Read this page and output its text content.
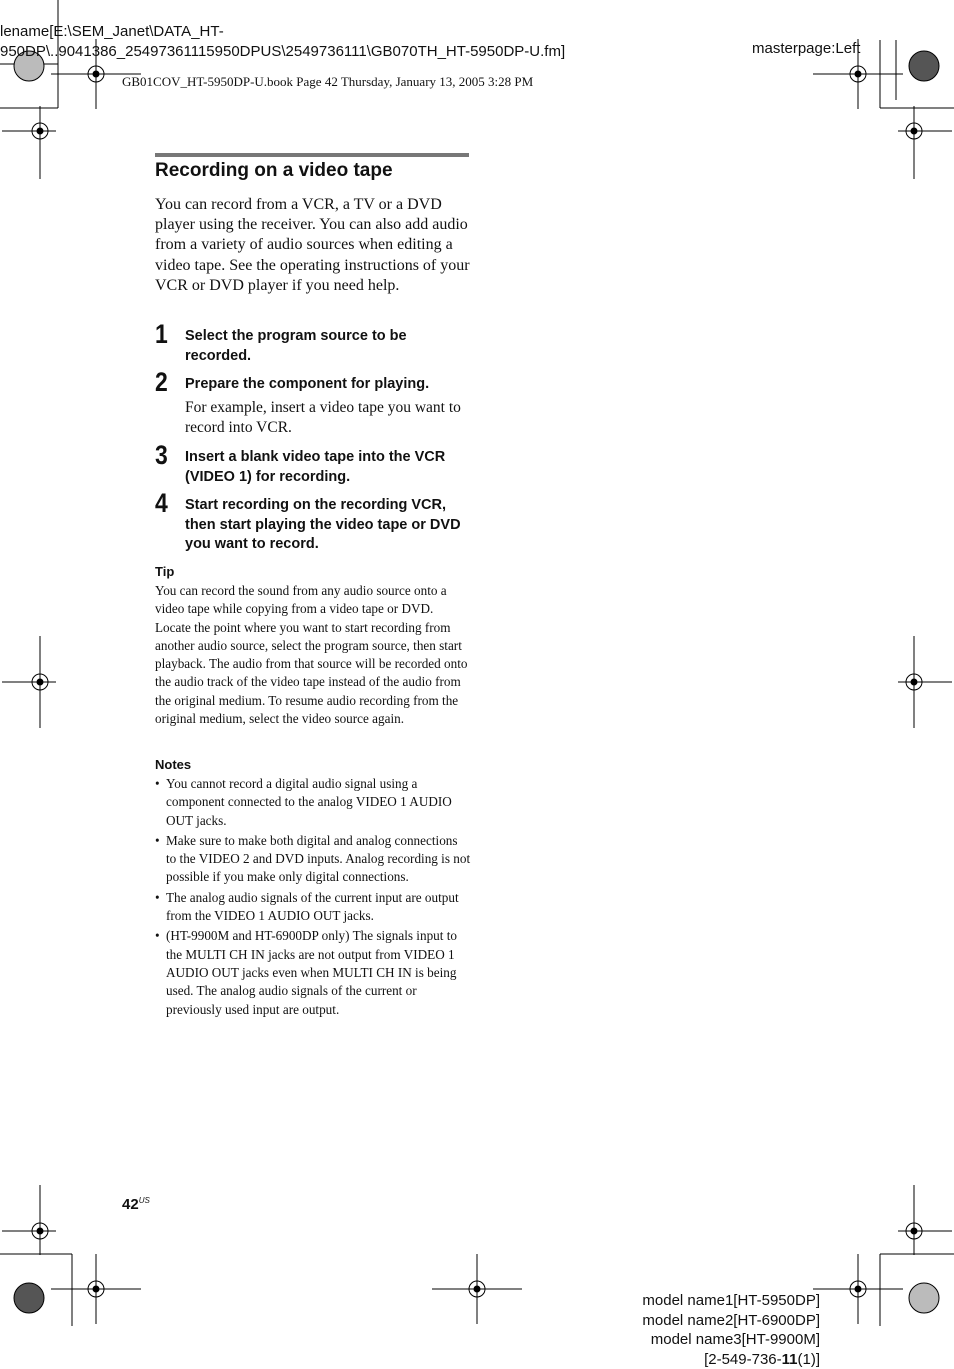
lename[E:\SEM_Janet\DATA_HT-
950DP\..9041386_25497361115950DPUS\2549736111\GB070TH_HT-5950DP-U.fm]	masterpage:Left
GB01COV_HT-5950DP-U.book Page 42 Thursday, January 13, 2005 3:28 PM
Recording on a video tape

You can record from a VCR, a TV or a DVD player using the receiver. You can also add audio from a variety of audio sources when editing a video tape. See the operating instructions of your VCR or DVD player if you need help.

1 Select the program source to be recorded.
2 Prepare the component for playing.
For example, insert a video tape you want to record into VCR.
3 Insert a blank video tape into the VCR (VIDEO 1) for recording.
4 Start recording on the recording VCR, then start playing the video tape or DVD you want to record.
Tip

You can record the sound from any audio source onto a video tape while copying from a video tape or DVD. Locate the point where you want to start recording from another audio source, select the program source, then start playback. The audio from that source will be recorded onto the audio track of the video tape instead of the audio from the original medium. To resume audio recording from the original medium, select the video source again.

Notes
• You cannot record a digital audio signal using a component connected to the analog VIDEO 1 AUDIO OUT jacks.
• Make sure to make both digital and analog connections to the VIDEO 2 and DVD inputs. Analog recording is not possible if you make only digital connections.
• The analog audio signals of the current input are output from the VIDEO 1 AUDIO OUT jacks.
• (HT-9900M and HT-6900DP only) The signals input to the MULTI CH IN jacks are not output from VIDEO 1 AUDIO OUT jacks even when MULTI CH IN is being used. The analog audio signals of the current or previously used input are output.
$42^{US}$
model name1[HT-5950DP]
model name2[HT-6900DP]
model name3[HT-9900M]
[2-549-736-11(1)]
